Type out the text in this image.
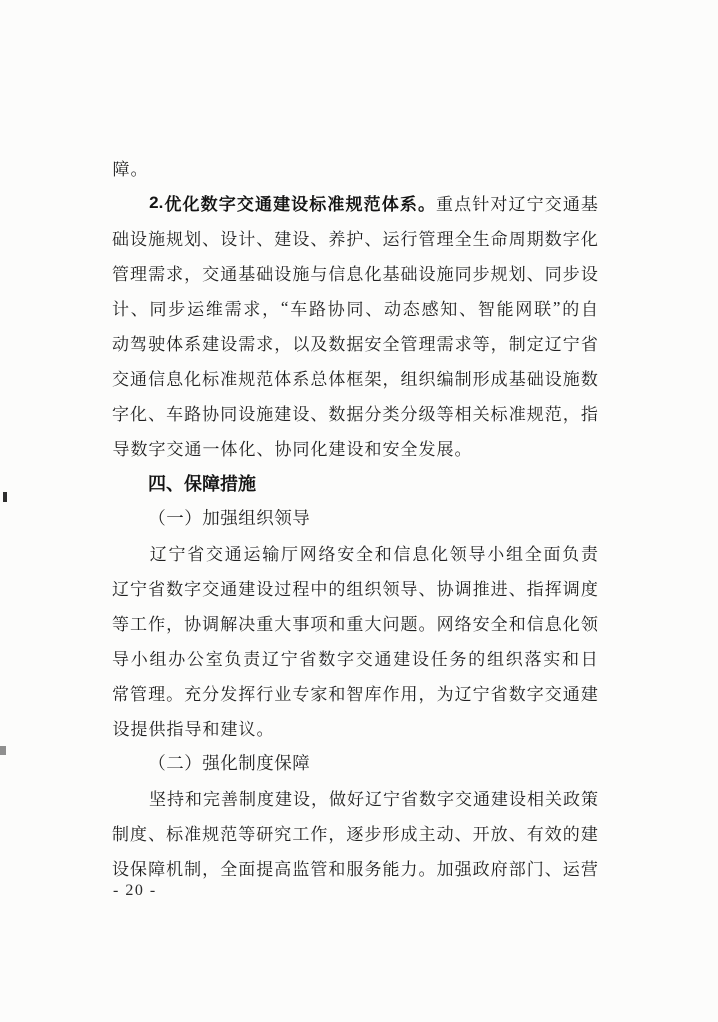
障 。
2. 优 化 数 字 交 通 建 设 标 准 规 范 体 系 。 重 点 针 对 辽 宁 交 通 基
础 设 施 规 划 、 设 计 、 建 设 、 养 护 、 运 行 管 理 全 生 命 周 期 数 字 化
管 理 需 求 ， 交 通 基 础 设 施 与 信 息 化 基 础 设 施 同 步 规 划 、 同 步 设
计 、 同 步 运 维 需 求 ， “ 车 路 协 同 、 动 态 感 知 、 智 能 网 联 ” 的 自
动 驾 驶 体 系 建 设 需 求 ， 以 及 数 据 安 全 管 理 需 求 等 ， 制 定 辽 宁 省
交 通 信 息 化 标 准 规 范 体 系 总 体 框 架 ， 组 织 编 制 形 成 基 础 设 施 数
字 化 、 车 路 协 同 设 施 建 设 、 数 据 分 类 分 级 等 相 关 标 准 规 范 ， 指
导 数 字 交 通 一 体 化 、 协 同 化 建 设 和 安 全 发 展 。
四 、 保 障 措 施
（ 一 ） 加 强 组 织 领 导
辽 宁 省 交 通 运 输 厅 网 络 安 全 和 信 息 化 领 导 小 组 全 面 负 责
辽 宁 省 数 字 交 通 建 设 过 程 中 的 组 织 领 导 、 协 调 推 进 、 指 挥 调 度
等 工 作 ， 协 调 解 决 重 大 事 项 和 重 大 问 题 。 网 络 安 全 和 信 息 化 领
导 小 组 办 公 室 负 责 辽 宁 省 数 字 交 通 建 设 任 务 的 组 织 落 实 和 日
常 管 理 。 充 分 发 挥 行 业 专 家 和 智 库 作 用 ， 为 辽 宁 省 数 字 交 通 建
设 提 供 指 导 和 建 议 。
（ 二 ） 强 化 制 度 保 障
坚 持 和 完 善 制 度 建 设 ， 做 好 辽 宁 省 数 字 交 通 建 设 相 关 政 策
制 度 、 标 准 规 范 等 研 究 工 作 ， 逐 步 形 成 主 动 、 开 放 、 有 效 的 建
设 保 障 机 制 ， 全 面 提 高 监 管 和 服 务 能 力 。 加 强 政 府 部 门 、 运 营
- 20 -
